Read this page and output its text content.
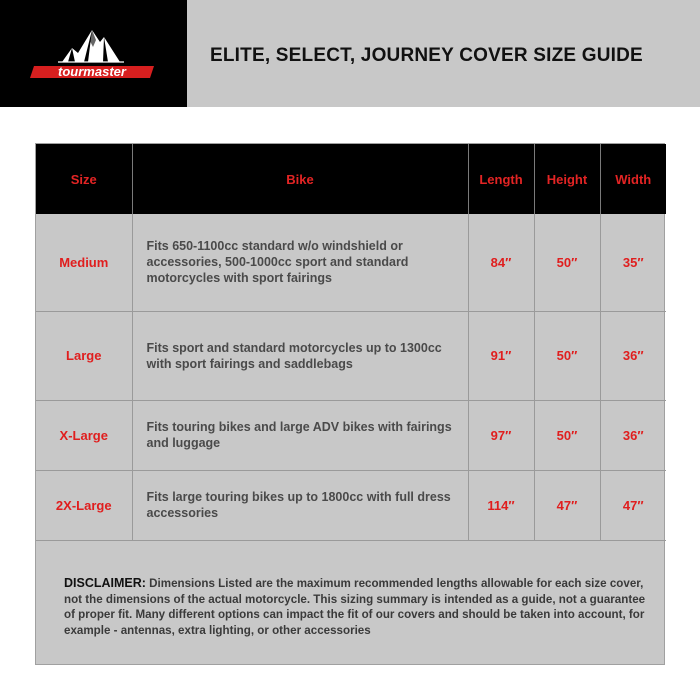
tourmaster
ELITE, SELECT, JOURNEY COVER SIZE GUIDE
Size	Bike	Length	Height	Width
Medium	Fits 650-1100cc standard w/o windshield or accessories, 500-1000cc sport and standard motorcycles with sport fairings	84″	50″	35″
Large	Fits sport and standard motorcycles up to 1300cc with sport fairings and saddlebags	91″	50″	36″
X-Large	Fits touring bikes and large ADV bikes with fairings and luggage	97″	50″	36″
2X-Large	Fits large touring bikes up to 1800cc with full dress accessories	114″	47″	47″
DISCLAIMER: Dimensions Listed are the maximum recommended lengths allowable for each size cover, not the dimensions of the actual motorcycle. This sizing summary is intended as a guide, not a guarantee of proper fit. Many different options can impact the fit of our covers and should be taken into account, for example - antennas, extra lighting, or other accessories
